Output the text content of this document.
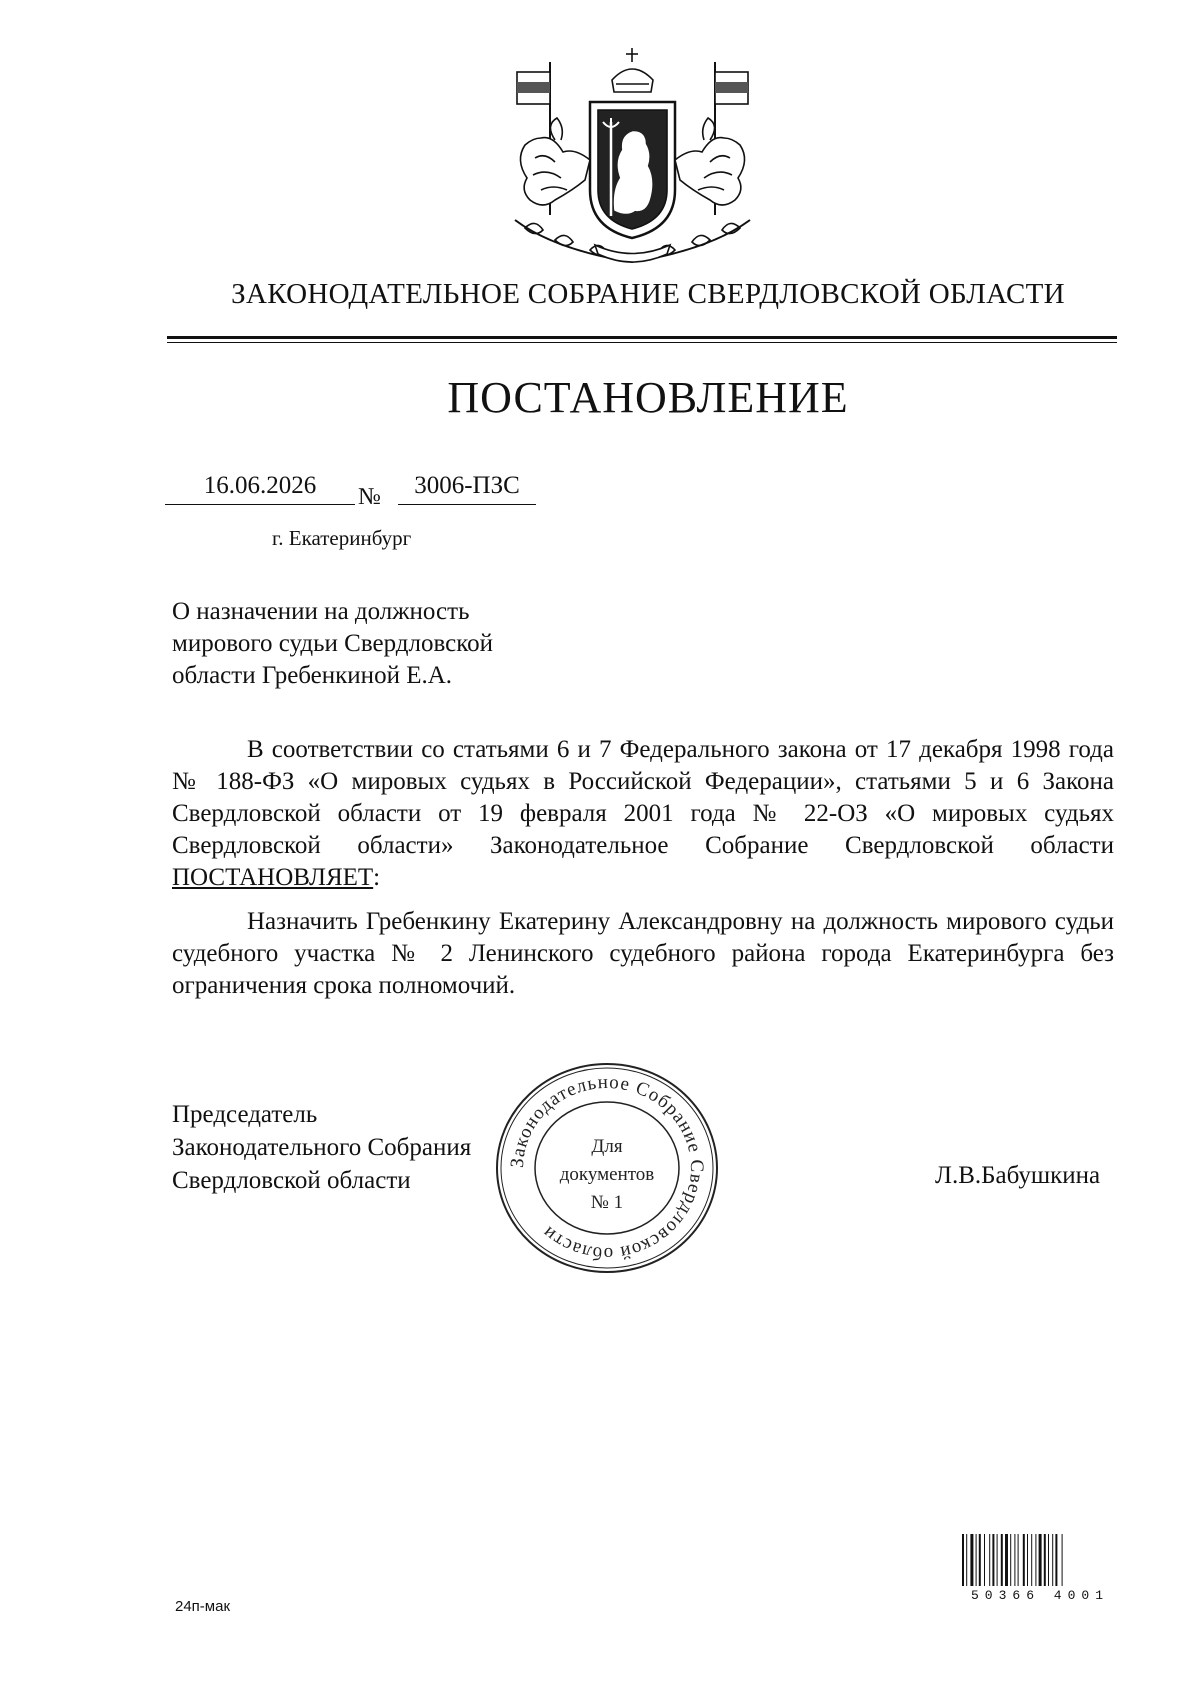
ЗАКОНОДАТЕЛЬНОЕ СОБРАНИЕ СВЕРДЛОВСКОЙ ОБЛАСТИ
ПОСТАНОВЛЕНИЕ
16.06.2026	№	3006-ПЗС
г. Екатеринбург
О назначении на должность
мирового судьи Свердловской
области Гребенкиной Е.А.
В соответствии со статьями 6 и 7 Федерального закона от 17 декабря 1998 года № 188-ФЗ «О мировых судьях в Российской Федерации», статьями 5 и 6 Закона Свердловской области от 19 февраля 2001 года № 22-ОЗ «О мировых судьях Свердловской области» Законодательное Собрание Свердловской области ПОСТАНОВЛЯЕТ:
Назначить Гребенкину Екатерину Александровну на должность мирового судьи судебного участка № 2 Ленинского судебного района города Екатеринбурга без ограничения срока полномочий.
Председатель
Законодательного Собрания
Свердловской области	Л.В.Бабушкина
Законодательное Собрание Свердловской области
Для
документов
№ 1
50366 4001
24п-мак
